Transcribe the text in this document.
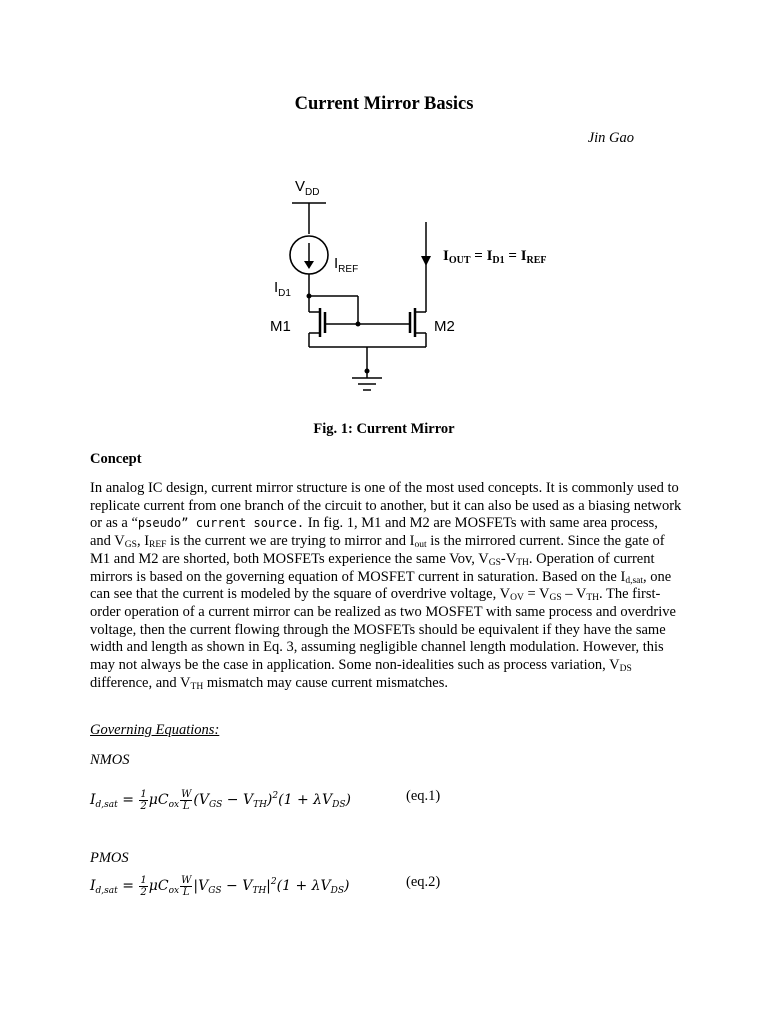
Current Mirror Basics
Jin Gao
$V_{DD}$
$I_{REF}$
$I_{D1}$
M1	M2
$I_{OUT} = I_{D1} = I_{REF}$
Fig. 1: Current Mirror
Concept
In analog IC design, current mirror structure is one of the most used concepts. It is commonly used to replicate current from one branch of the circuit to another, but it can also be used as a biasing network or as a “pseudo” current source. In fig. 1, M1 and M2 are MOSFETs with same area process, and $V_{GS}$, $I_{REF}$ is the current we are trying to mirror and $I_{out}$ is the mirrored current. Since the gate of M1 and M2 are shorted, both MOSFETs experience the same Vov, $V_{GS}-V_{TH}$. Operation of current mirrors is based on the governing equation of MOSFET current in saturation. Based on the $I_{d,sat}$, one can see that the current is modeled by the square of overdrive voltage, $V_{OV} = V_{GS} - V_{TH}$. The first-order operation of a current mirror can be realized as two MOSFET with same process and overdrive voltage, then the current flowing through the MOSFETs should be equivalent if they have the same width and length as shown in Eq. 3, assuming negligible channel length modulation. However, this may not always be the case in application. Some non-idealities such as process variation, $V_{DS}$ difference, and $V_{TH}$ mismatch may cause current mismatches.
Governing Equations:
NMOS
$I_{d,sat} = \frac{1}{2} \mu C_{ox} \frac{W}{L} (V_{GS} - V_{TH})^2(1 + \lambda V_{DS})$	(eq.1)
PMOS
$I_{d,sat} = \frac{1}{2} \mu C_{ox} \frac{W}{L} |V_{GS} - V_{TH}|^2(1 + \lambda V_{DS})$	(eq.2)
